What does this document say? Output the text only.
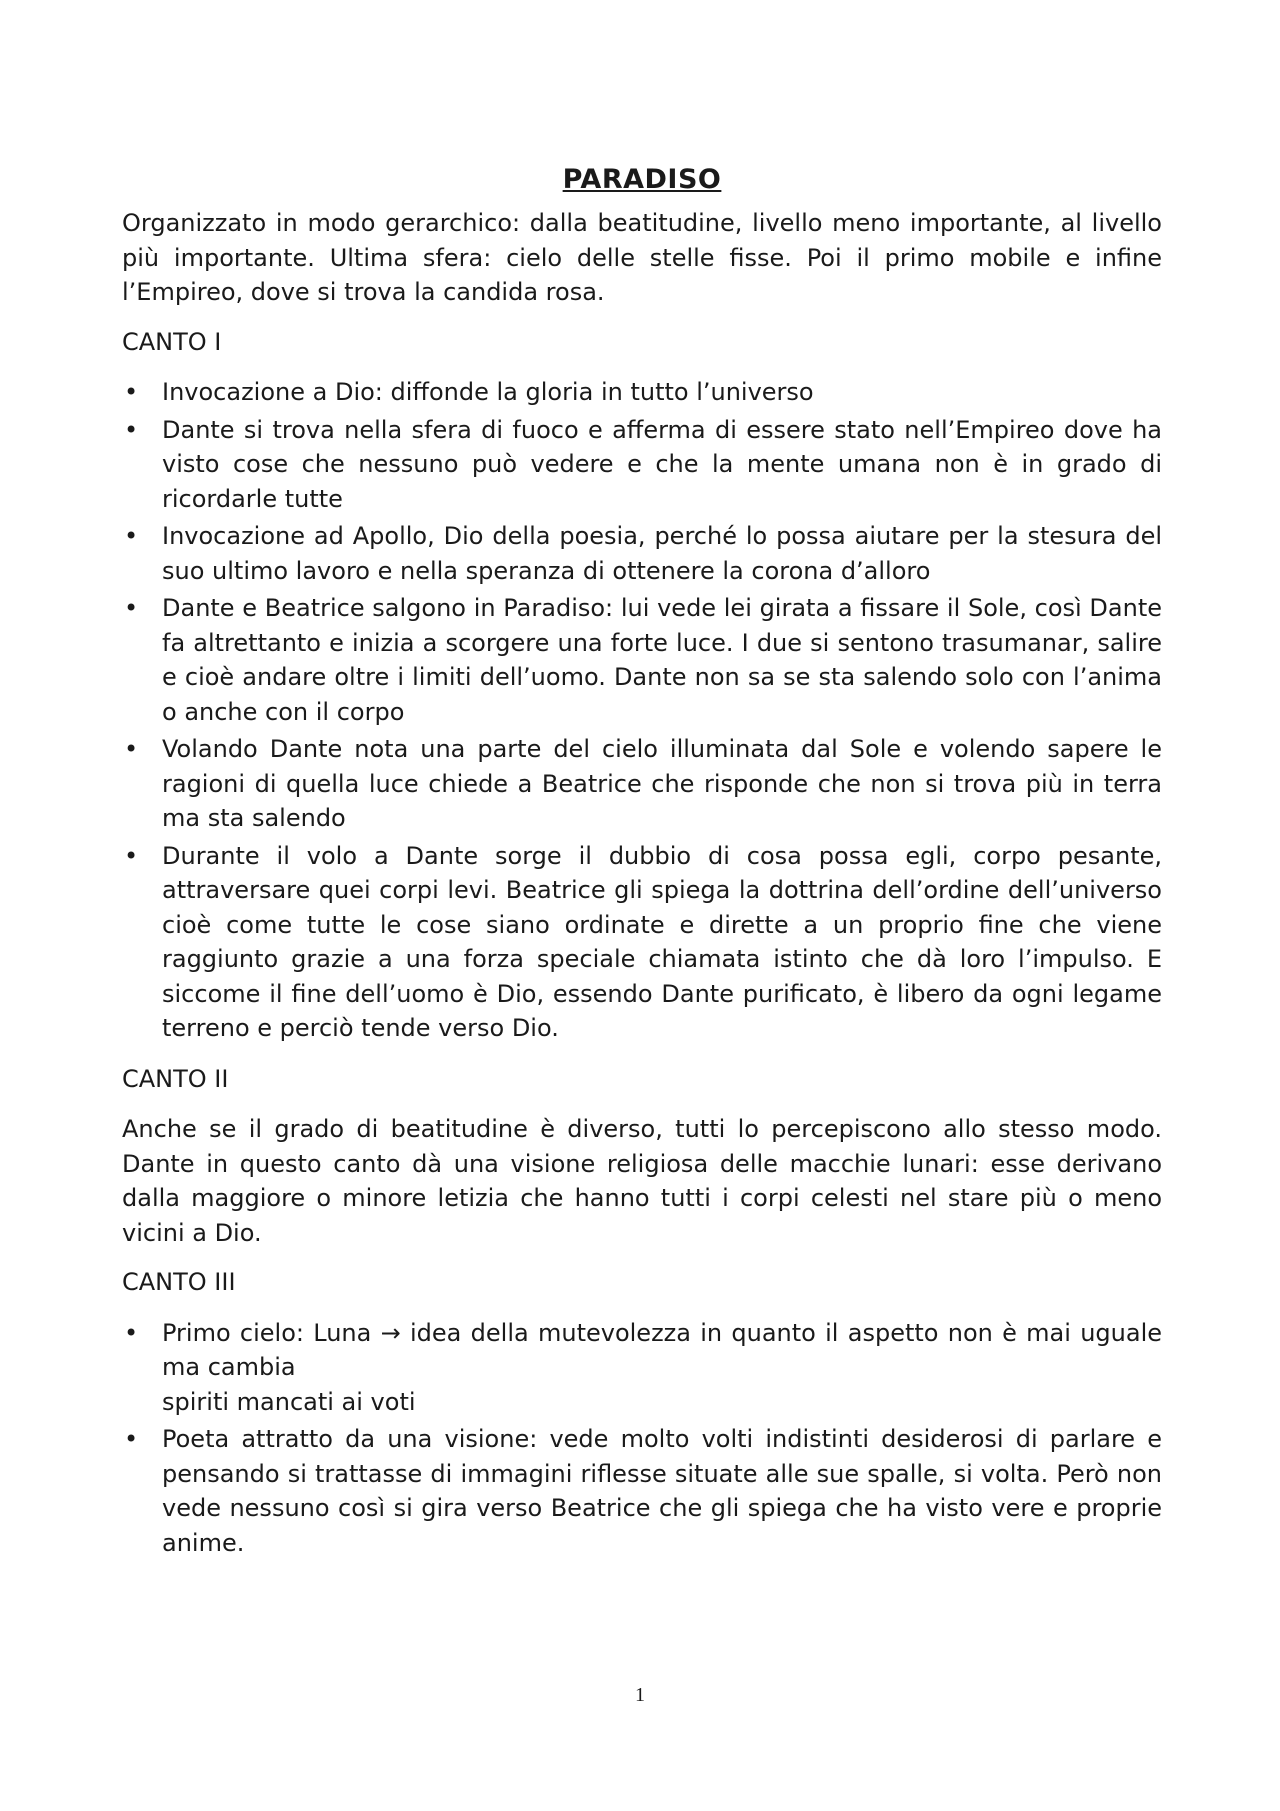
PARADISO

Organizzato in modo gerarchico: dalla beatitudine, livello meno importante, al livello più importante. Ultima sfera: cielo delle stelle fisse. Poi il primo mobile e infine l’Empireo, dove si trova la candida rosa.

CANTO I
• Invocazione a Dio: diffonde la gloria in tutto l’universo
• Dante si trova nella sfera di fuoco e afferma di essere stato nell’Empireo dove ha visto cose che nessuno può vedere e che la mente umana non è in grado di ricordarle tutte
• Invocazione ad Apollo, Dio della poesia, perché lo possa aiutare per la stesura del suo ultimo lavoro e nella speranza di ottenere la corona d’alloro
• Dante e Beatrice salgono in Paradiso: lui vede lei girata a fissare il Sole, così Dante fa altrettanto e inizia a scorgere una forte luce. I due si sentono trasumanar, salire e cioè andare oltre i limiti dell’uomo. Dante non sa se sta salendo solo con l’anima o anche con il corpo
• Volando Dante nota una parte del cielo illuminata dal Sole e volendo sapere le ragioni di quella luce chiede a Beatrice che risponde che non si trova più in terra ma sta salendo
• Durante il volo a Dante sorge il dubbio di cosa possa egli, corpo pesante, attraversare quei corpi levi. Beatrice gli spiega la dottrina dell’ordine dell’universo cioè come tutte le cose siano ordinate e dirette a un proprio fine che viene raggiunto grazie a una forza speciale chiamata istinto che dà loro l’impulso. E siccome il fine dell’uomo è Dio, essendo Dante purificato, è libero da ogni legame terreno e perciò tende verso Dio.
CANTO II

Anche se il grado di beatitudine è diverso, tutti lo percepiscono allo stesso modo. Dante in questo canto dà una visione religiosa delle macchie lunari: esse derivano dalla maggiore o minore letizia che hanno tutti i corpi celesti nel stare più o meno vicini a Dio.

CANTO III
• Primo cielo: Luna → idea della mutevolezza in quanto il aspetto non è mai uguale ma cambia
spiriti mancati ai voti
• Poeta attratto da una visione: vede molto volti indistinti desiderosi di parlare e pensando si trattasse di immagini riflesse situate alle sue spalle, si volta. Però non vede nessuno così si gira verso Beatrice che gli spiega che ha visto vere e proprie anime.
1
